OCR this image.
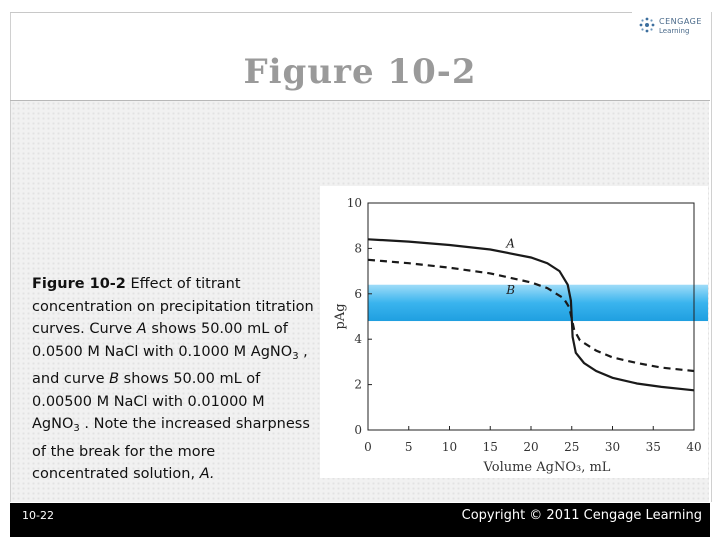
CENGAGE
Learning
Figure 10-2
Figure 10-2 Effect of titrant concentration on precipitation titration curves. Curve A shows 50.00 mL of 0.0500 M NaCl with 0.1000 M AgNO$_3$ , and curve B shows 50.00 mL of 0.00500 M NaCl with 0.01000 M AgNO$_3$ . Note the increased sharpness of the break for the more concentrated solution, A.
0	5 10 15 20 25 30 35 40
0
2
4
6
8
10
pAg
Volume AgNO₃, mL
A
B
10-22	Copyright © 2011 Cengage Learning
